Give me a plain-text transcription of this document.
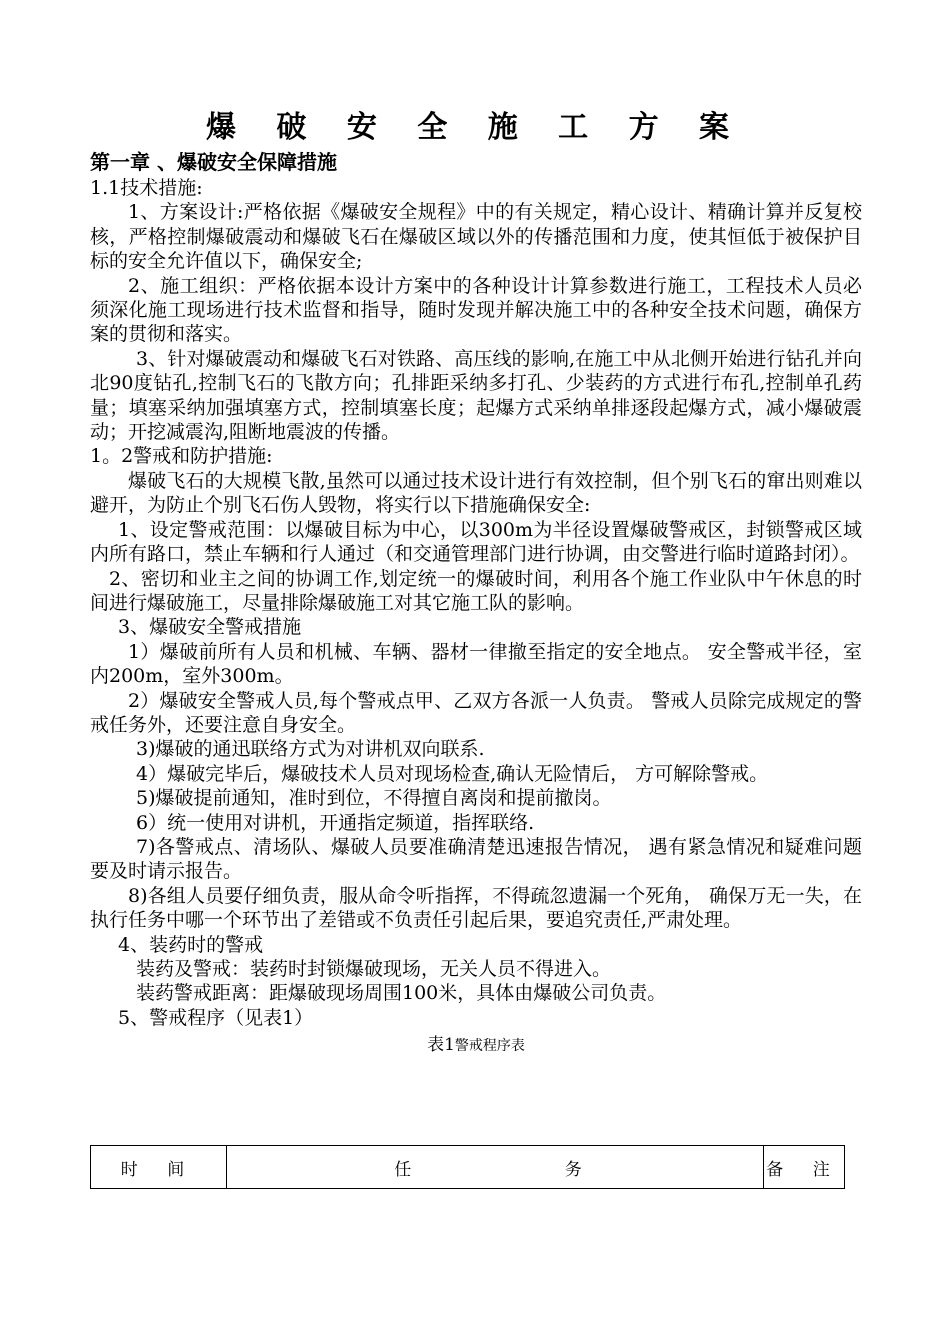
爆 破 安 全 施 工 方 案
第一章 、爆破安全保障措施

1.1技术措施:

1、方案设计:严格依据《爆破安全规程》中的有关规定，精心设计、精确计算并反复校核，严格控制爆破震动和爆破飞石在爆破区域以外的传播范围和力度，使其恒低于被保护目标的安全允许值以下，确保安全;

2、施工组织：严格依据本设计方案中的各种设计计算参数进行施工，工程技术人员必须深化施工现场进行技术监督和指导，随时发现并解决施工中的各种安全技术问题，确保方案的贯彻和落实。

3、针对爆破震动和爆破飞石对铁路、高压线的影响,在施工中从北侧开始进行钻孔并向北90度钻孔,控制飞石的飞散方向；孔排距采纳多打孔、少装药的方式进行布孔,控制单孔药量；填塞采纳加强填塞方式，控制填塞长度；起爆方式采纳单排逐段起爆方式，减小爆破震动；开挖减震沟,阻断地震波的传播。

1。2警戒和防护措施:

爆破飞石的大规模飞散,虽然可以通过技术设计进行有效控制，但个别飞石的窜出则难以避开，为防止个别飞石伤人毁物，将实行以下措施确保安全:

1、设定警戒范围：以爆破目标为中心，以300m为半径设置爆破警戒区，封锁警戒区域内所有路口，禁止车辆和行人通过（和交通管理部门进行协调，由交警进行临时道路封闭）。

2、密切和业主之间的协调工作,划定统一的爆破时间，利用各个施工作业队中午休息的时间进行爆破施工，尽量排除爆破施工对其它施工队的影响。

3、爆破安全警戒措施

1）爆破前所有人员和机械、车辆、器材一律撤至指定的安全地点。 安全警戒半径，室内200m，室外300m。

2）爆破安全警戒人员,每个警戒点甲、乙双方各派一人负责。 警戒人员除完成规定的警戒任务外，还要注意自身安全。

3)爆破的通迅联络方式为对讲机双向联系.

4）爆破完毕后，爆破技术人员对现场检查,确认无险情后， 方可解除警戒。

5)爆破提前通知，准时到位，不得擅自离岗和提前撤岗。

6）统一使用对讲机，开通指定频道，指挥联络.

7)各警戒点、清场队、爆破人员要准确清楚迅速报告情况， 遇有紧急情况和疑难问题要及时请示报告。

8)各组人员要仔细负责，服从命令听指挥，不得疏忽遗漏一个死角， 确保万无一失，在执行任务中哪一个环节出了差错或不负责任引起后果，要追究责任,严肃处理。

4、装药时的警戒

装药及警戒：装药时封锁爆破现场，无关人员不得进入。

装药警戒距离：距爆破现场周围100米，具体由爆破公司负责。

5、警戒程序（见表1）

表1警戒程序表
时 间	任 务	备 注
